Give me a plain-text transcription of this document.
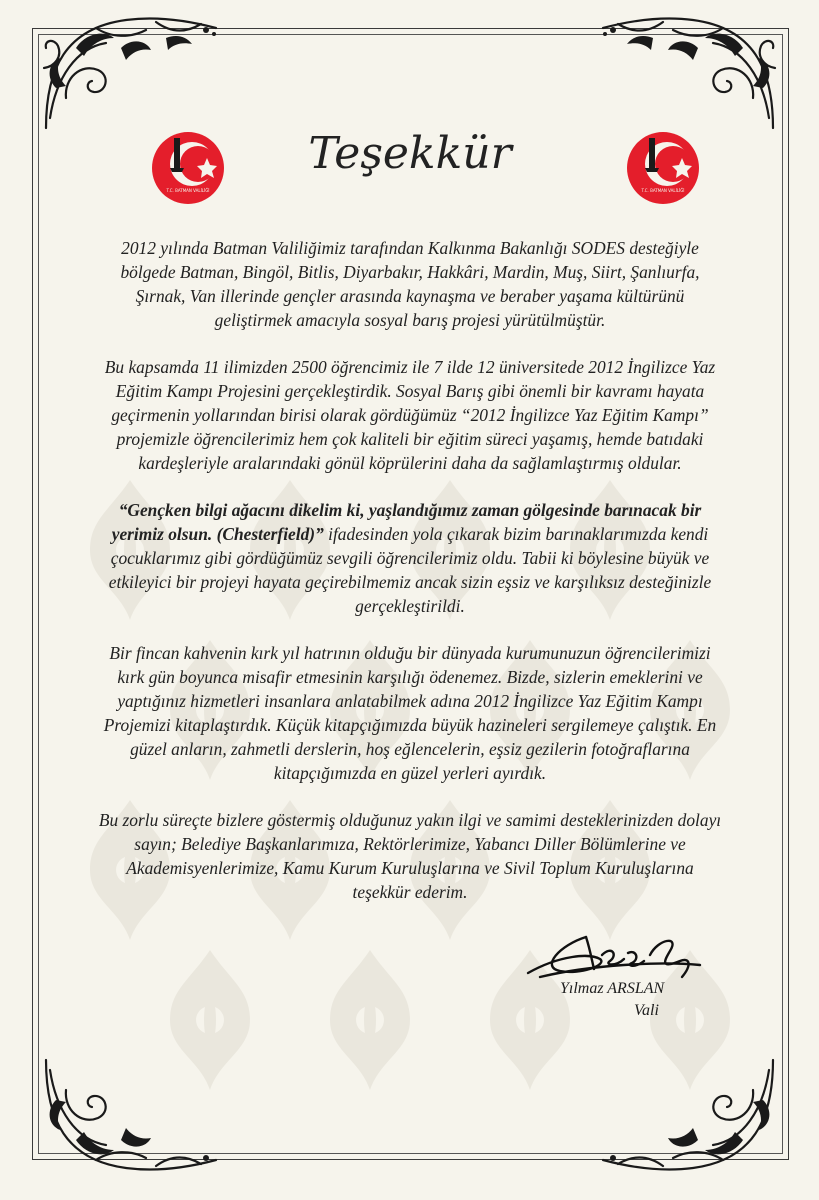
T.C. BATMAN VALİLİĞİ	T.C. BATMAN VALİLİĞİ
Teşekkür

2012 yılında Batman Valiliğimiz tarafından Kalkınma Bakanlığı SODES desteğiyle bölgede Batman, Bingöl, Bitlis, Diyarbakır, Hakkâri, Mardin, Muş, Siirt, Şanlıurfa, Şırnak, Van illerinde gençler arasında kaynaşma ve beraber yaşama kültürünü geliştirmek amacıyla sosyal barış projesi yürütülmüştür.

Bu kapsamda 11 ilimizden 2500 öğrencimiz ile 7 ilde 12 üniversitede 2012 İngilizce Yaz Eğitim Kampı Projesini gerçekleştirdik. Sosyal Barış gibi önemli bir kavramı hayata geçirmenin yollarından birisi olarak gördüğümüz “2012 İngilizce Yaz Eğitim Kampı” projemizle öğrencilerimiz hem çok kaliteli bir eğitim süreci yaşamış, hemde batıdaki kardeşleriyle aralarındaki gönül köprülerini daha da sağlamlaştırmış oldular.

“Gençken bilgi ağacını dikelim ki, yaşlandığımız zaman gölgesinde barınacak bir yerimiz olsun. (Chesterfield)” ifadesinden yola çıkarak bizim barınaklarımızda kendi çocuklarımız gibi gördüğümüz sevgili öğrencilerimiz oldu. Tabii ki böylesine büyük ve etkileyici bir projeyi hayata geçirebilmemiz ancak sizin eşsiz ve karşılıksız desteğinizle gerçekleştirildi.

Bir fincan kahvenin kırk yıl hatrının olduğu bir dünyada kurumunuzun öğrencilerimizi kırk gün boyunca misafir etmesinin karşılığı ödenemez. Bizde, sizlerin emeklerini ve yaptığınız hizmetleri insanlara anlatabilmek adına 2012 İngilizce Yaz Eğitim Kampı Projemizi kitaplaştırdık. Küçük kitapçığımızda büyük hazineleri sergilemeye çalıştık. En güzel anların, zahmetli derslerin, hoş eğlencelerin, eşsiz gezilerin fotoğraflarına kitapçığımızda en güzel yerleri ayırdık.

Bu zorlu süreçte bizlere göstermiş olduğunuz yakın ilgi ve samimi desteklerinizden dolayı sayın; Belediye Başkanlarımıza, Rektörlerimize, Yabancı Diller Bölümlerine ve Akademisyenlerimize, Kamu Kurum Kuruluşlarına ve Sivil Toplum Kuruluşlarına teşekkür ederim.

Yılmaz ARSLAN
Vali
